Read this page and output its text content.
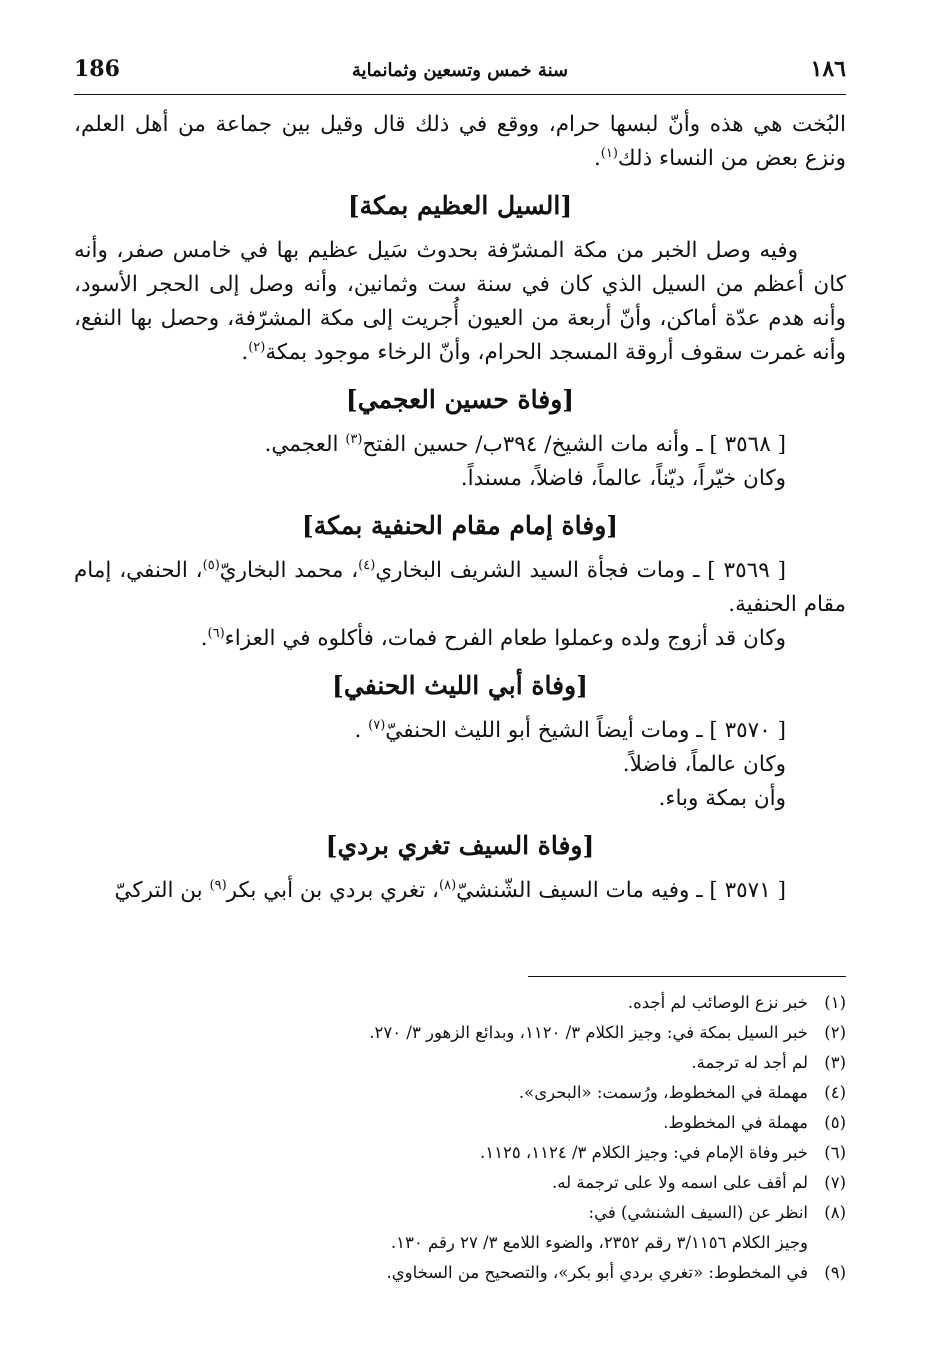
186	سنة خمس وتسعين وثمانماية	١٨٦

البُخت هي هذه وأنّ لبسها حرام، ووقع في ذلك قال وقيل بين جماعة من أهل العلم، ونزع بعض من النساء ذلك$^{(١)}$.

[السيل العظيم بمكة]

وفيه وصل الخبر من مكة المشرّفة بحدوث سَيل عظيم بها في خامس صفر، وأنه كان أعظم من السيل الذي كان في سنة ست وثمانين، وأنه وصل إلى الحجر الأسود، وأنه هدم عدّة أماكن، وأنّ أربعة من العيون أُجريت إلى مكة المشرّفة، وحصل بها النفع، وأنه غمرت سقوف أروقة المسجد الحرام، وأنّ الرخاء موجود بمكة$^{(٢)}$.

[وفاة حسين العجمي]

[ ٣٥٦٨ ] ـ وأنه مات الشيخ/ ٣٩٤ب/ حسين الفتح$^{(٣)}$ العجمي.

وكان خيّراً، ديّناً، عالماً، فاضلاً، مسنداً.

[وفاة إمام مقام الحنفية بمكة]

[ ٣٥٦٩ ] ـ ومات فجأة السيد الشريف البخاري$^{(٤)}$، محمد البخاريّ$^{(٥)}$، الحنفي، إمام مقام الحنفية.

وكان قد أزوج ولده وعملوا طعام الفرح فمات، فأكلوه في العزاء$^{(٦)}$.

[وفاة أبي الليث الحنفي]

[ ٣٥٧٠ ] ـ ومات أيضاً الشيخ أبو الليث الحنفيّ$^{(٧)}$ .

وكان عالماً، فاضلاً.

وأن بمكة وباء.

[وفاة السيف تغري بردي]

[ ٣٥٧١ ] ـ وفيه مات السيف الشّنشيّ$^{(٨)}$، تغري بردي بن أبي بكر$^{(٩)}$ بن التركيّ

(١)
خبر نزع الوصائب لم أجده.
(٢)
خبر السيل بمكة في: وجيز الكلام ٣/ ١١٢٠، وبدائع الزهور ٣/ ٢٧٠.
(٣)
لم أجد له ترجمة.
(٤)
مهملة في المخطوط، ورُسمت: «البحرى».
(٥)
مهملة في المخطوط.
(٦)
خبر وفاة الإمام في: وجيز الكلام ٣/ ١١٢٤، ١١٢٥.
(٧)
لم أقف على اسمه ولا على ترجمة له.
(٨)
انظر عن (السيف الشنشي) في:
وجيز الكلام ٣/١١٥٦ رقم ٢٣٥٢، والضوء اللامع ٣/ ٢٧ رقم ١٣٠.
(٩)
في المخطوط: «تغري بردي أبو بكر»، والتصحيح من السخاوي.
